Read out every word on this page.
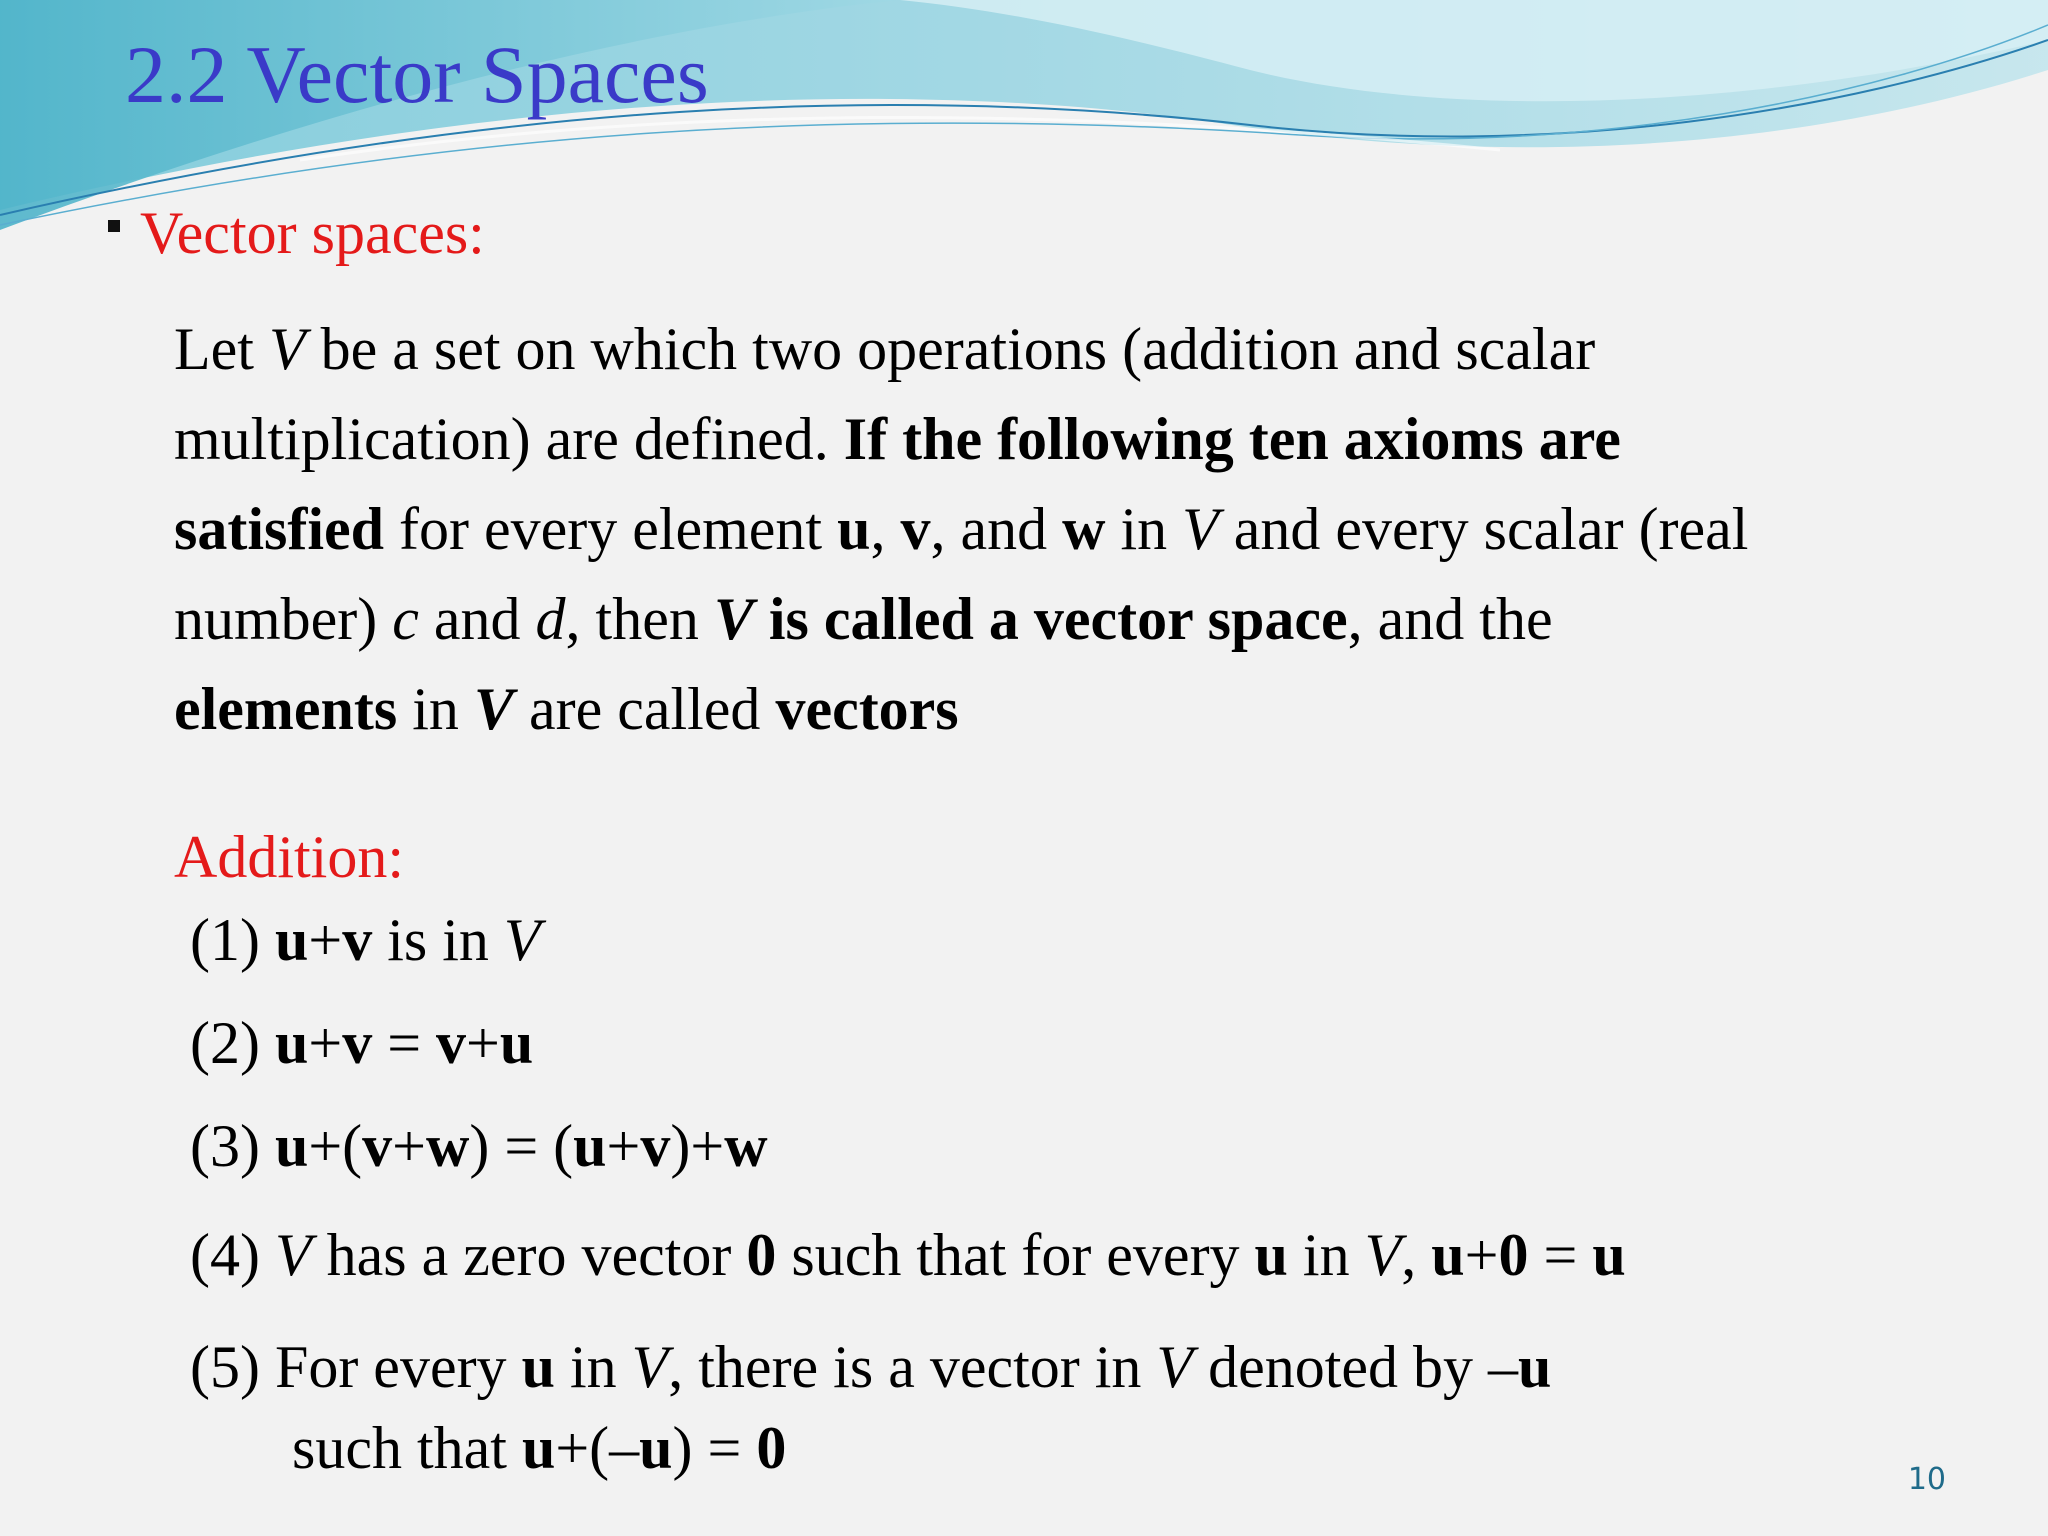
2.2 Vector Spaces
Vector spaces:
Let V be a set on which two operations (addition and scalar
multiplication) are defined. If the following ten axioms are
satisfied for every element u, v, and w in V and every scalar (real
number) c and d, then V is called a vector space, and the
elements in V are called vectors
Addition:
(1) u+v is in V
(2) u+v = v+u
(3) u+(v+w) = (u+v)+w
(4) V has a zero vector 0 such that for every u in V, u+0 = u
(5) For every u in V, there is a vector in V denoted by –u
such that u+(–u) = 0	10
